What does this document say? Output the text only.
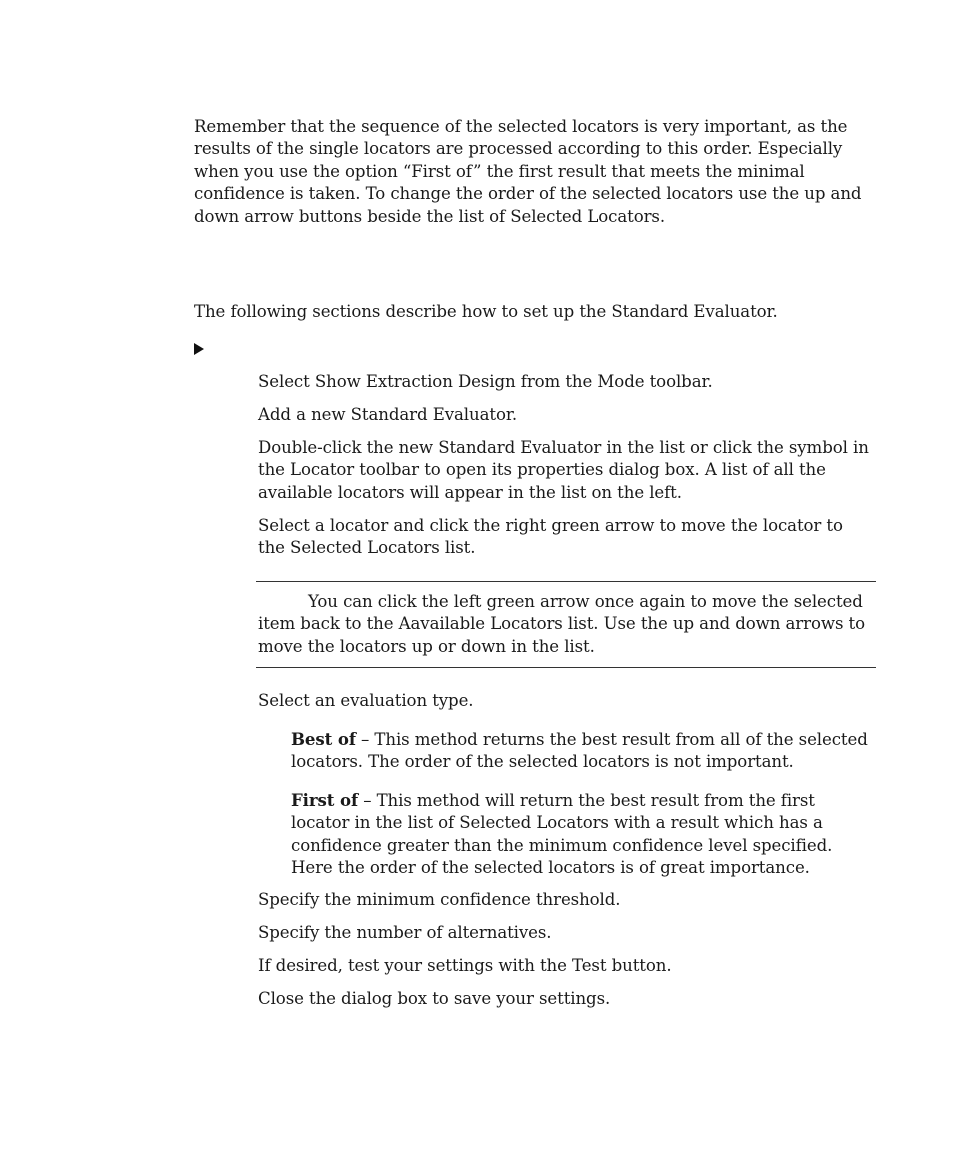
Remember that the sequence of the selected locators is very important, as the results of the single locators are processed according to this order. Especially when you use the option “First of” the first result that meets the minimal confidence is taken. To change the order of the selected locators use the up and down arrow buttons beside the list of Selected Locators.

The following sections describe how to set up the Standard Evaluator.

Select Show Extraction Design from the Mode toolbar.

Add a new Standard Evaluator.

Double-click the new Standard Evaluator in the list or click the symbol in the Locator toolbar to open its properties dialog box. A list of all the available locators will appear in the list on the left.

Select a locator and click the right green arrow to move the locator to the Selected Locators list.

You can click the left green arrow once again to move the selected item back to the Aavailable Locators list. Use the up and down arrows to move the locators up or down in the list.

Select an evaluation type.

Best of – This method returns the best result from all of the selected locators. The order of the selected locators is not important.

First of – This method will return the best result from the first locator in the list of Selected Locators with a result which has a confidence greater than the minimum confidence level specified. Here the order of the selected locators is of great importance.

Specify the minimum confidence threshold.

Specify the number of alternatives.

If desired, test your settings with the Test button.

Close the dialog box to save your settings.
